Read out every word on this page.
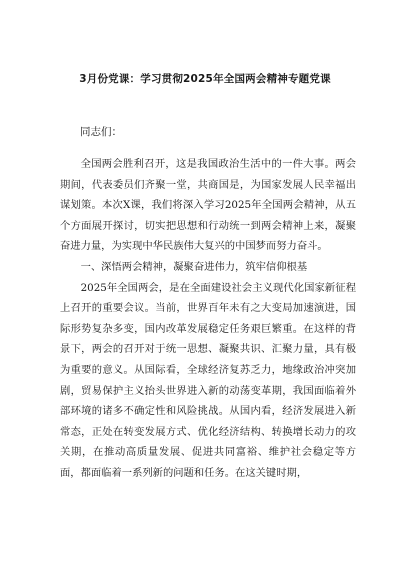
3月份党课：学习贯彻2025年全国两会精神专题党课
同志们：

全国两会胜利召开，这是我国政治生活中的一件大事。两会期间，代表委员们齐聚一堂，共商国是，为国家发展人民幸福出谋划策。本次X课，我们将深入学习2025年全国两会精神，从五个方面展开探讨，切实把思想和行动统一到两会精神上来，凝聚奋进力量，为实现中华民族伟大复兴的中国梦而努力奋斗。

一、深悟两会精神，凝聚奋进伟力，筑牢信仰根基

2025年全国两会，是在全面建设社会主义现代化国家新征程上召开的重要会议。当前，世界百年未有之大变局加速演进，国际形势复杂多变，国内改革发展稳定任务艰巨繁重。在这样的背景下，两会的召开对于统一思想、凝聚共识、汇聚力量，具有极为重要的意义。从国际看，全球经济复苏乏力，地缘政治冲突加剧，贸易保护主义抬头世界进入新的动荡变革期，我国面临着外部环境的诸多不确定性和风险挑战。从国内看，经济发展进入新常态，正处在转变发展方式、优化经济结构、转换增长动力的攻关期，在推动高质量发展、促进共同富裕、维护社会稳定等方面，都面临着一系列新的问题和任务。在这关键时期，
